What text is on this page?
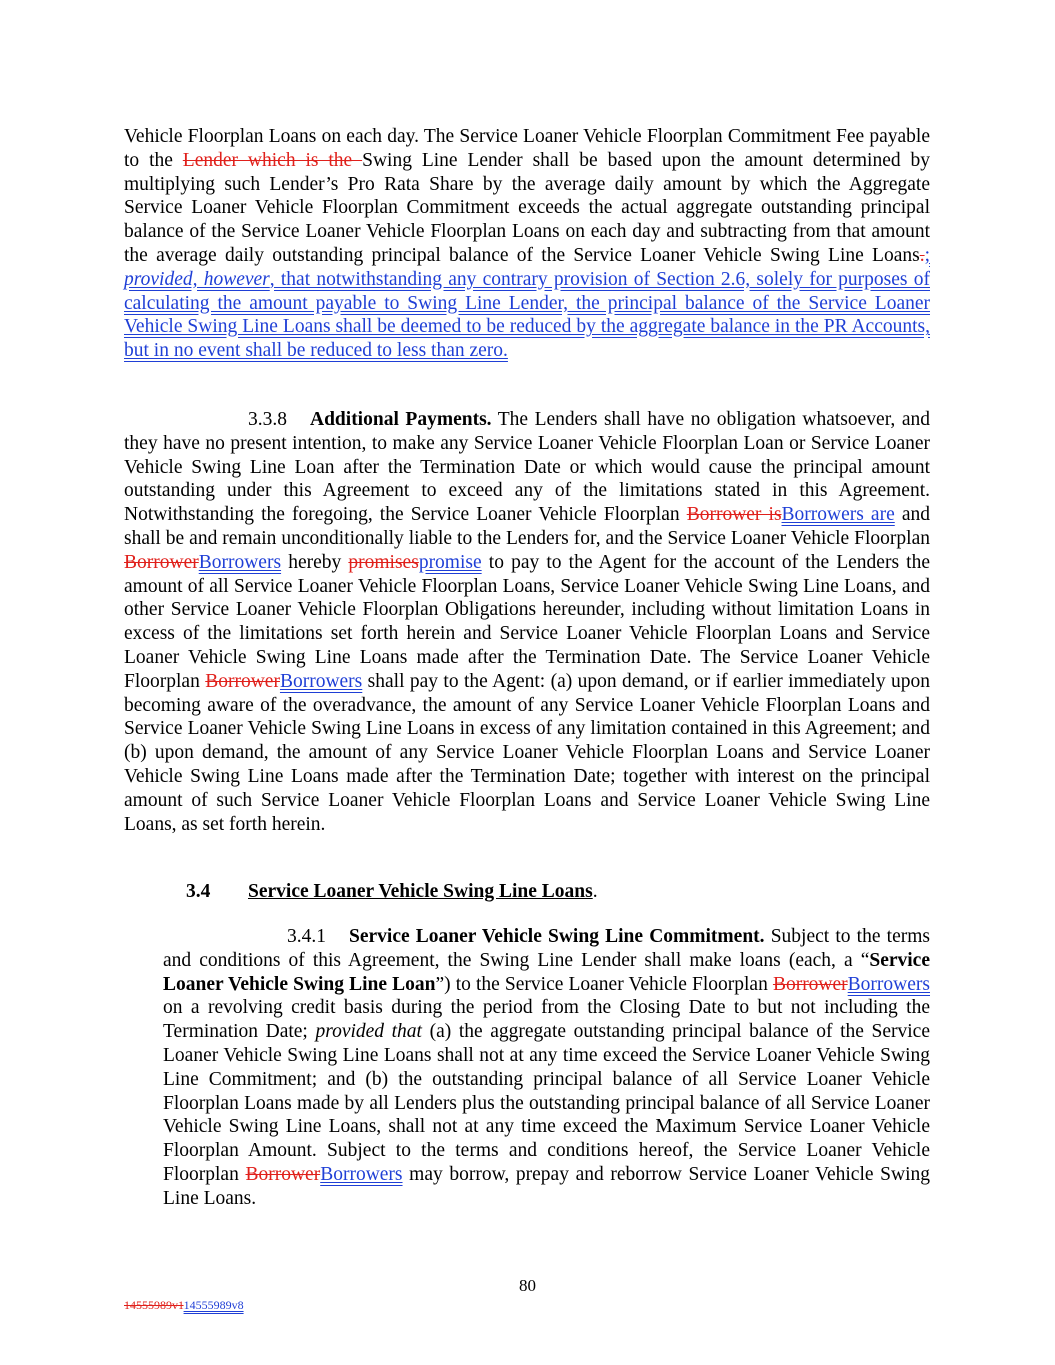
Vehicle Floorplan Loans on each day. The Service Loaner Vehicle Floorplan Commitment Fee payable to the Lender which is the Swing Line Lender shall be based upon the amount determined by multiplying such Lender’s Pro Rata Share by the average daily amount by which the Aggregate Service Loaner Vehicle Floorplan Commitment exceeds the actual aggregate outstanding principal balance of the Service Loaner Vehicle Floorplan Loans on each day and subtracting from that amount the average daily outstanding principal balance of the Service Loaner Vehicle Swing Line Loans.; provided, however, that notwithstanding any contrary provision of Section 2.6, solely for purposes of calculating the amount payable to Swing Line Lender, the principal balance of the Service Loaner Vehicle Swing Line Loans shall be deemed to be reduced by the aggregate balance in the PR Accounts, but in no event shall be reduced to less than zero.

3.3.8 Additional Payments. The Lenders shall have no obligation whatsoever, and they have no present intention, to make any Service Loaner Vehicle Floorplan Loan or Service Loaner Vehicle Swing Line Loan after the Termination Date or which would cause the principal amount outstanding under this Agreement to exceed any of the limitations stated in this Agreement. Notwithstanding the foregoing, the Service Loaner Vehicle Floorplan Borrower isBorrowers are and shall be and remain unconditionally liable to the Lenders for, and the Service Loaner Vehicle Floorplan BorrowerBorrowers hereby promisespromise to pay to the Agent for the account of the Lenders the amount of all Service Loaner Vehicle Floorplan Loans, Service Loaner Vehicle Swing Line Loans, and other Service Loaner Vehicle Floorplan Obligations hereunder, including without limitation Loans in excess of the limitations set forth herein and Service Loaner Vehicle Floorplan Loans and Service Loaner Vehicle Swing Line Loans made after the Termination Date. The Service Loaner Vehicle Floorplan BorrowerBorrowers shall pay to the Agent: (a) upon demand, or if earlier immediately upon becoming aware of the overadvance, the amount of any Service Loaner Vehicle Floorplan Loans and Service Loaner Vehicle Swing Line Loans in excess of any limitation contained in this Agreement; and (b) upon demand, the amount of any Service Loaner Vehicle Floorplan Loans and Service Loaner Vehicle Swing Line Loans made after the Termination Date; together with interest on the principal amount of such Service Loaner Vehicle Floorplan Loans and Service Loaner Vehicle Swing Line Loans, as set forth herein.

3.4 Service Loaner Vehicle Swing Line Loans.

3.4.1 Service Loaner Vehicle Swing Line Commitment. Subject to the terms and conditions of this Agreement, the Swing Line Lender shall make loans (each, a “Service Loaner Vehicle Swing Line Loan”) to the Service Loaner Vehicle Floorplan BorrowerBorrowers on a revolving credit basis during the period from the Closing Date to but not including the Termination Date; provided that (a) the aggregate outstanding principal balance of the Service Loaner Vehicle Swing Line Loans shall not at any time exceed the Service Loaner Vehicle Swing Line Commitment; and (b) the outstanding principal balance of all Service Loaner Vehicle Floorplan Loans made by all Lenders plus the outstanding principal balance of all Service Loaner Vehicle Swing Line Loans, shall not at any time exceed the Maximum Service Loaner Vehicle Floorplan Amount. Subject to the terms and conditions hereof, the Service Loaner Vehicle Floorplan BorrowerBorrowers may borrow, prepay and reborrow Service Loaner Vehicle Swing Line Loans.

80
14555989v114555989v8
